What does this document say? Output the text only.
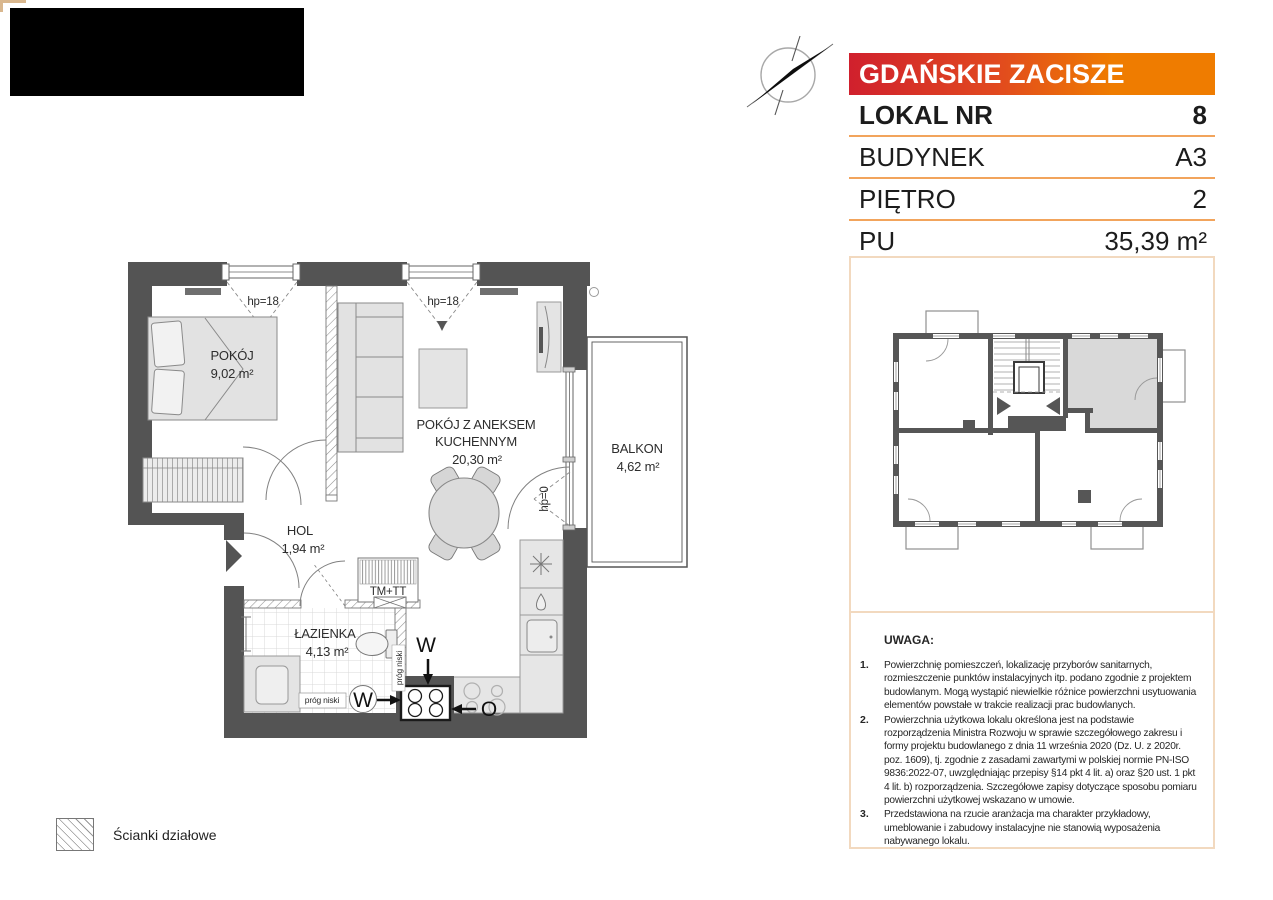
GDAŃSKIE ZACISZE
LOKAL NR	8
BUDYNEK	A3
PIĘTRO	2
PU	35,39 m²
UWAGA:
1.	Powierzchnię pomieszczeń, lokalizację przyborów sanitarnych, rozmieszczenie punktów instalacyjnych itp. podano zgodnie z projektem budowlanym. Mogą wystąpić niewielkie różnice powierzchni usytuowania elementów powstałe w trakcie realizacji prac budowlanych.
2.	Powierzchnia użytkowa lokalu określona jest na podstawie rozporządzenia Ministra Rozwoju w sprawie szczegółowego zakresu i formy projektu budowlanego z dnia 11 września 2020 (Dz. U. z 2020r. poz. 1609), tj. zgodnie z zasadami zawartymi w polskiej normie PN-ISO 9836:2022-07, uwzględniając przepisy §14 pkt 4 lit. a) oraz §20 ust. 1 pkt 4 lit. b) rozporządzenia. Szczegółowe zapisy dotyczące sposobu pomiaru powierzchni użytkowej wskazano w umowie.
3.	Przedstawiona na rzucie aranżacja ma charakter przykładowy, umeblowanie i zabudowy instalacyjne nie stanowią wyposażenia nabywanego lokalu.
Ścianki działowe
POKÓJ
9,02 m²
POKÓJ Z ANEKSEM
KUCHENNYM
20,30 m²
HOL
1,94 m²
ŁAZIENKA
4,13 m²
BALKON
4,62 m²
hp=18	hp=18
hp=0
TM+TT
próg niski
próg niski
W
W
O
